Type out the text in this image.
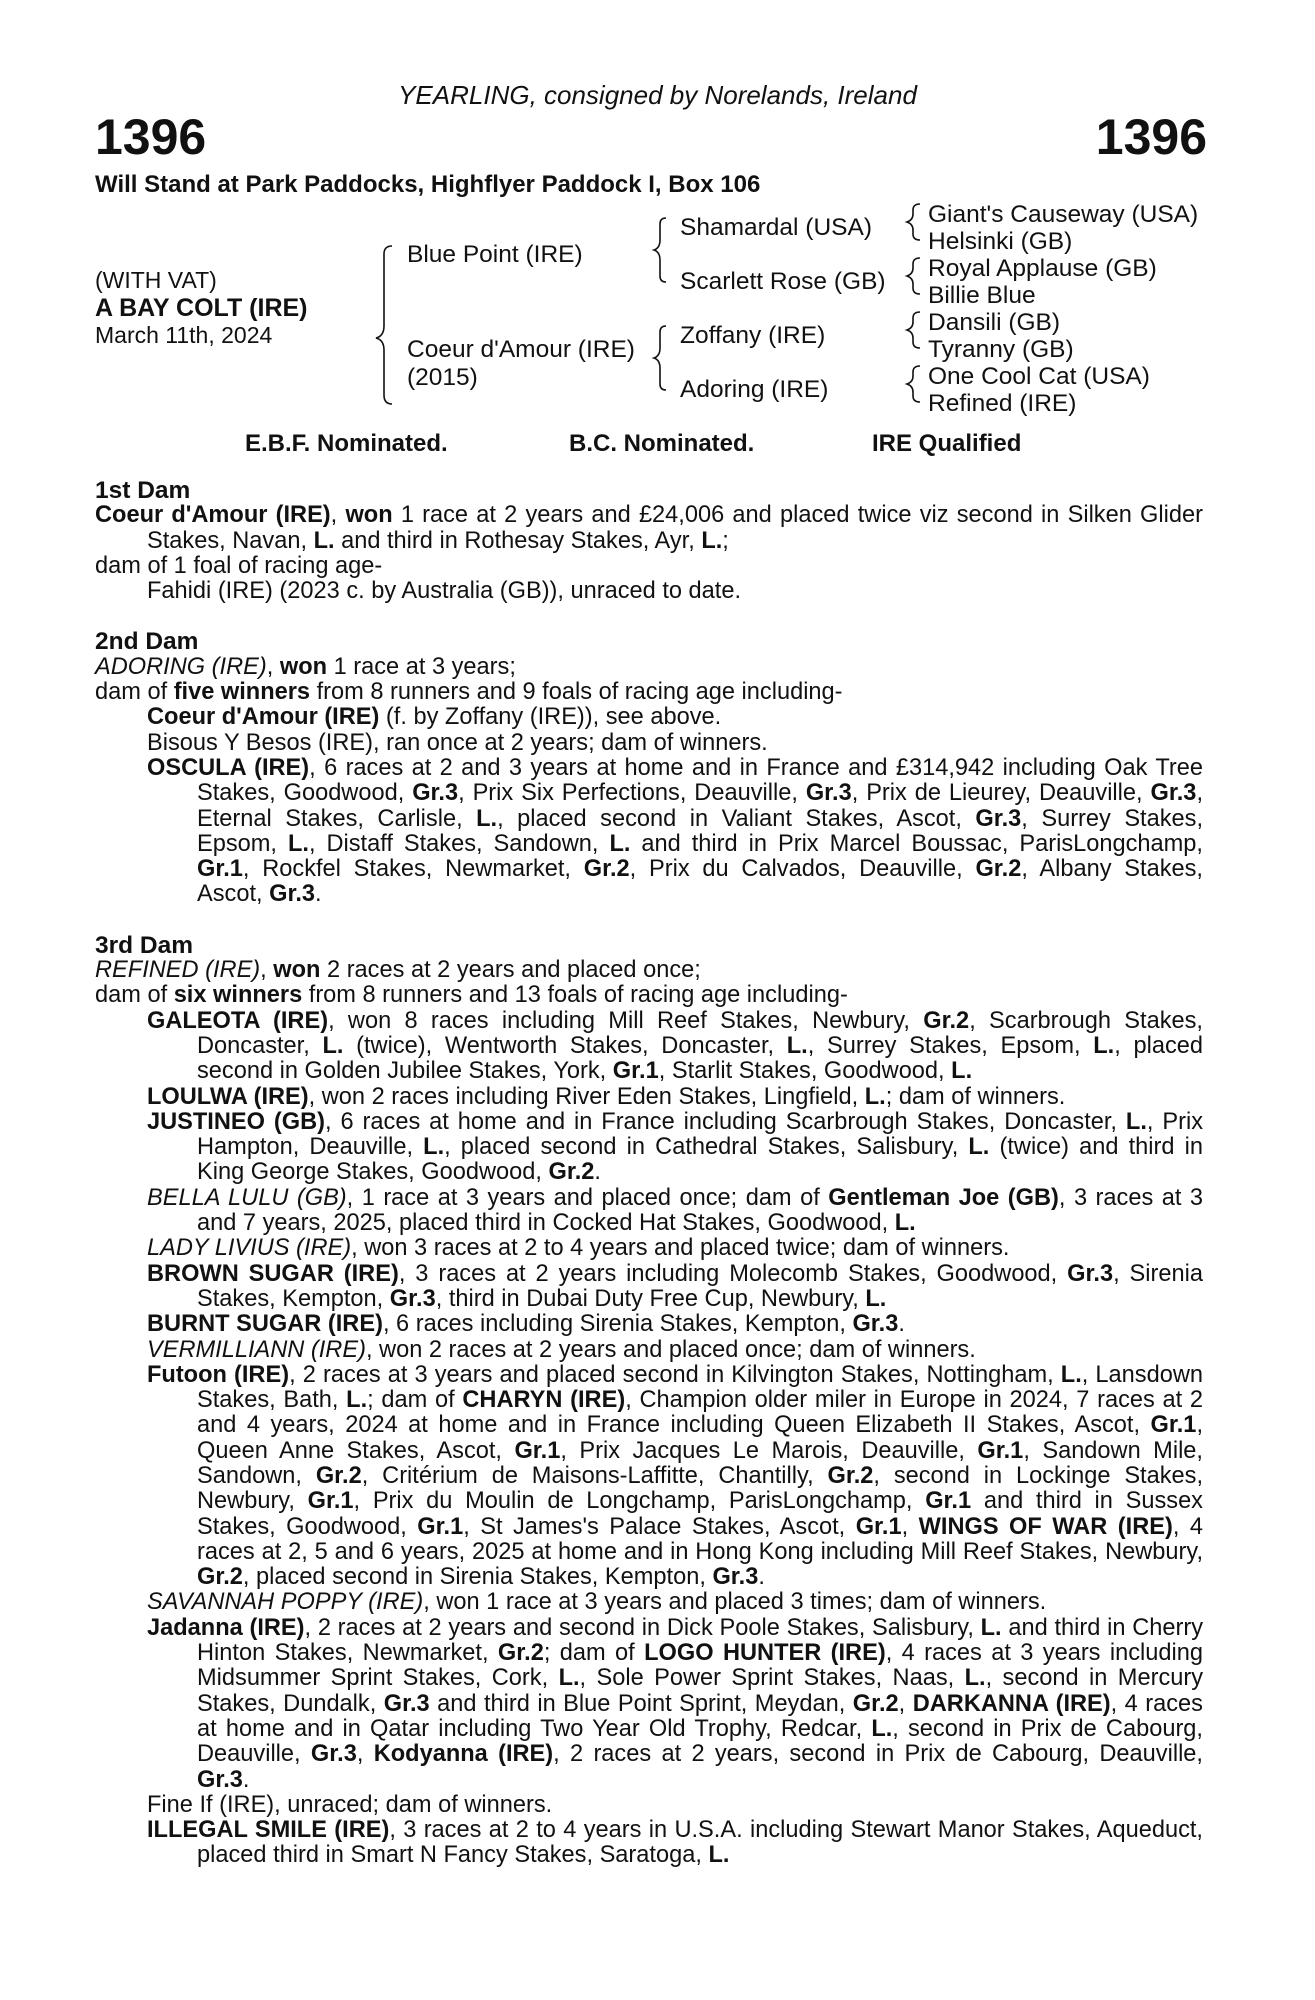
YEARLING, consigned by Norelands, Ireland
1396	1396
Will Stand at Park Paddocks, Highflyer Paddock I, Box 106
(WITH VAT)
A BAY COLT (IRE)
March 11th, 2024
Blue Point (IRE)
Coeur d'Amour (IRE)
(2015)
Shamardal (USA)
Scarlett Rose (GB)
Zoffany (IRE)
Adoring (IRE)
Giant's Causeway (USA)
Helsinki (GB)
Royal Applause (GB)
Billie Blue
Dansili (GB)
Tyranny (GB)
One Cool Cat (USA)
Refined (IRE)
E.B.F. Nominated.	B.C. Nominated.	IRE Qualified
1st Dam
Coeur d'Amour (IRE), won 1 race at 2 years and £24,006 and placed twice viz second in Silken Glider Stakes, Navan, L. and third in Rothesay Stakes, Ayr, L.;
dam of 1 foal of racing age-
Fahidi (IRE) (2023 c. by Australia (GB)), unraced to date.
2nd Dam
ADORING (IRE), won 1 race at 3 years;
dam of five winners from 8 runners and 9 foals of racing age including-
Coeur d'Amour (IRE) (f. by Zoffany (IRE)), see above.
Bisous Y Besos (IRE), ran once at 2 years; dam of winners.
OSCULA (IRE), 6 races at 2 and 3 years at home and in France and £314,942 including Oak Tree Stakes, Goodwood, Gr.3, Prix Six Perfections, Deauville, Gr.3, Prix de Lieurey, Deauville, Gr.3, Eternal Stakes, Carlisle, L., placed second in Valiant Stakes, Ascot, Gr.3, Surrey Stakes, Epsom, L., Distaff Stakes, Sandown, L. and third in Prix Marcel Boussac, ParisLongchamp, Gr.1, Rockfel Stakes, Newmarket, Gr.2, Prix du Calvados, Deauville, Gr.2, Albany Stakes, Ascot, Gr.3.
3rd Dam
REFINED (IRE), won 2 races at 2 years and placed once;
dam of six winners from 8 runners and 13 foals of racing age including-
GALEOTA (IRE), won 8 races including Mill Reef Stakes, Newbury, Gr.2, Scarbrough Stakes, Doncaster, L. (twice), Wentworth Stakes, Doncaster, L., Surrey Stakes, Epsom, L., placed second in Golden Jubilee Stakes, York, Gr.1, Starlit Stakes, Goodwood, L.
LOULWA (IRE), won 2 races including River Eden Stakes, Lingfield, L.; dam of winners.
JUSTINEO (GB), 6 races at home and in France including Scarbrough Stakes, Doncaster, L., Prix Hampton, Deauville, L., placed second in Cathedral Stakes, Salisbury, L. (twice) and third in King George Stakes, Goodwood, Gr.2.
BELLA LULU (GB), 1 race at 3 years and placed once; dam of Gentleman Joe (GB), 3 races at 3 and 7 years, 2025, placed third in Cocked Hat Stakes, Goodwood, L.
LADY LIVIUS (IRE), won 3 races at 2 to 4 years and placed twice; dam of winners.
BROWN SUGAR (IRE), 3 races at 2 years including Molecomb Stakes, Goodwood, Gr.3, Sirenia Stakes, Kempton, Gr.3, third in Dubai Duty Free Cup, Newbury, L.
BURNT SUGAR (IRE), 6 races including Sirenia Stakes, Kempton, Gr.3.
VERMILLIANN (IRE), won 2 races at 2 years and placed once; dam of winners.
Futoon (IRE), 2 races at 3 years and placed second in Kilvington Stakes, Nottingham, L., Lansdown Stakes, Bath, L.; dam of CHARYN (IRE), Champion older miler in Europe in 2024, 7 races at 2 and 4 years, 2024 at home and in France including Queen Elizabeth II Stakes, Ascot, Gr.1, Queen Anne Stakes, Ascot, Gr.1, Prix Jacques Le Marois, Deauville, Gr.1, Sandown Mile, Sandown, Gr.2, Critérium de Maisons-Laffitte, Chantilly, Gr.2, second in Lockinge Stakes, Newbury, Gr.1, Prix du Moulin de Longchamp, ParisLongchamp, Gr.1 and third in Sussex Stakes, Goodwood, Gr.1, St James's Palace Stakes, Ascot, Gr.1, WINGS OF WAR (IRE), 4 races at 2, 5 and 6 years, 2025 at home and in Hong Kong including Mill Reef Stakes, Newbury, Gr.2, placed second in Sirenia Stakes, Kempton, Gr.3.
SAVANNAH POPPY (IRE), won 1 race at 3 years and placed 3 times; dam of winners.
Jadanna (IRE), 2 races at 2 years and second in Dick Poole Stakes, Salisbury, L. and third in Cherry Hinton Stakes, Newmarket, Gr.2; dam of LOGO HUNTER (IRE), 4 races at 3 years including Midsummer Sprint Stakes, Cork, L., Sole Power Sprint Stakes, Naas, L., second in Mercury Stakes, Dundalk, Gr.3 and third in Blue Point Sprint, Meydan, Gr.2, DARKANNA (IRE), 4 races at home and in Qatar including Two Year Old Trophy, Redcar, L., second in Prix de Cabourg, Deauville, Gr.3, Kodyanna (IRE), 2 races at 2 years, second in Prix de Cabourg, Deauville, Gr.3.
Fine If (IRE), unraced; dam of winners.
ILLEGAL SMILE (IRE), 3 races at 2 to 4 years in U.S.A. including Stewart Manor Stakes, Aqueduct, placed third in Smart N Fancy Stakes, Saratoga, L.
